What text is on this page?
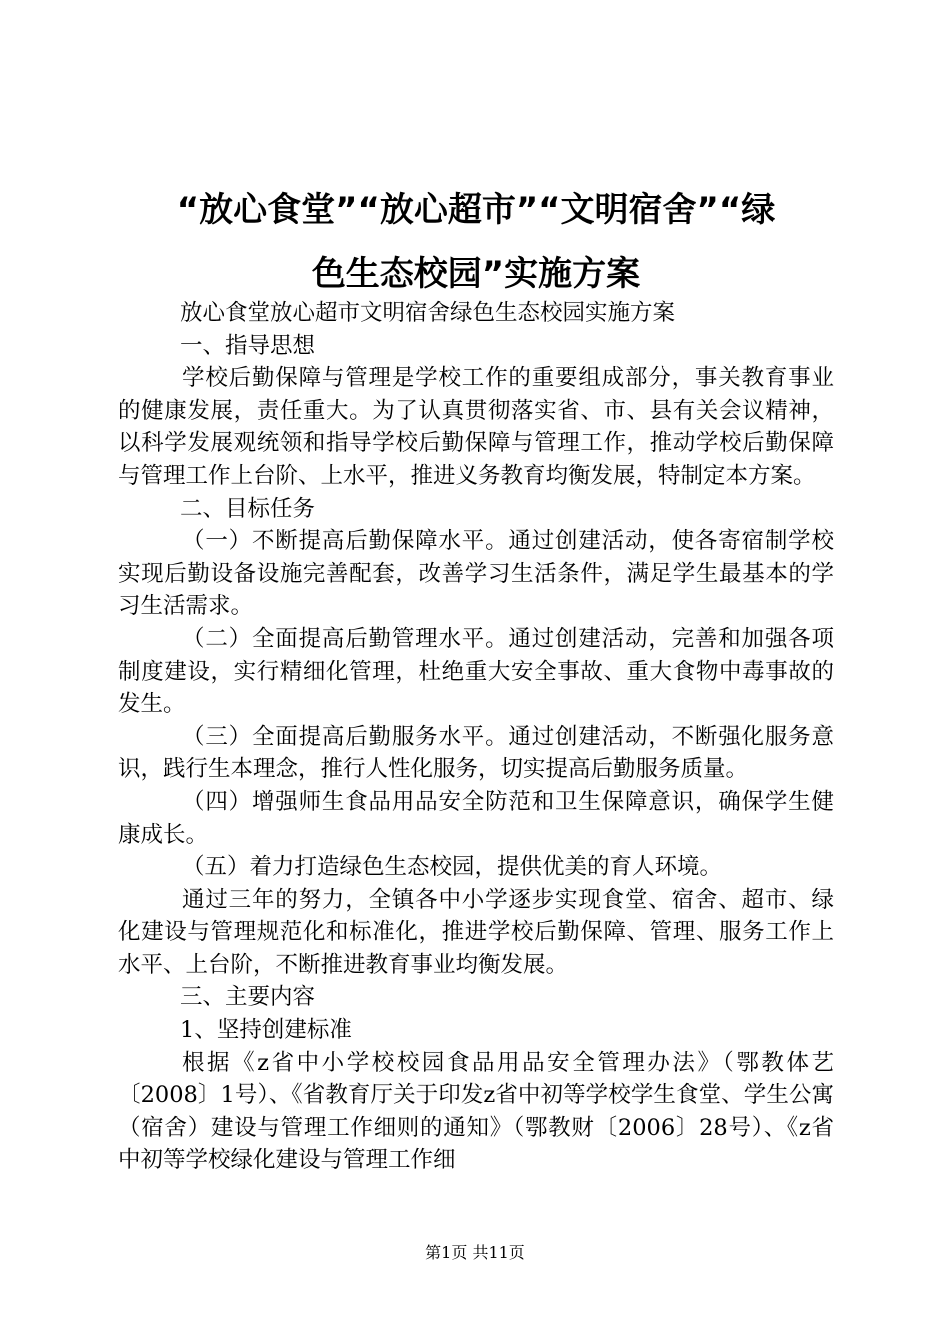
“放心食堂”“放心超市”“文明宿舍”“绿
色生态校园”实施方案

放心食堂放心超市文明宿舍绿色生态校园实施方案

一、指导思想

学校后勤保障与管理是学校工作的重要组成部分，事关教育事业的健康发展，责任重大。为了认真贯彻落实省、市、县有关会议精神，以科学发展观统领和指导学校后勤保障与管理工作，推动学校后勤保障与管理工作上台阶、上水平，推进义务教育均衡发展，特制定本方案。

二、目标任务

（一）不断提高后勤保障水平。通过创建活动，使各寄宿制学校实现后勤设备设施完善配套，改善学习生活条件，满足学生最基本的学习生活需求。

（二）全面提高后勤管理水平。通过创建活动，完善和加强各项制度建设，实行精细化管理，杜绝重大安全事故、重大食物中毒事故的发生。

（三）全面提高后勤服务水平。通过创建活动，不断强化服务意识，践行生本理念，推行人性化服务，切实提高后勤服务质量。

（四）增强师生食品用品安全防范和卫生保障意识，确保学生健康成长。

（五）着力打造绿色生态校园，提供优美的育人环境。

通过三年的努力，全镇各中小学逐步实现食堂、宿舍、超市、绿化建设与管理规范化和标准化，推进学校后勤保障、管理、服务工作上水平、上台阶，不断推进教育事业均衡发展。

三、主要内容

1、坚持创建标准

根据《z省中小学校校园食品用品安全管理办法》（鄂教体艺〔2008〕1号）、《省教育厅关于印发z省中初等学校学生食堂、学生公寓（宿舍）建设与管理工作细则的通知》（鄂教财〔2006〕28号）、《z省中初等学校绿化建设与管理工作细

第1页 共11页
